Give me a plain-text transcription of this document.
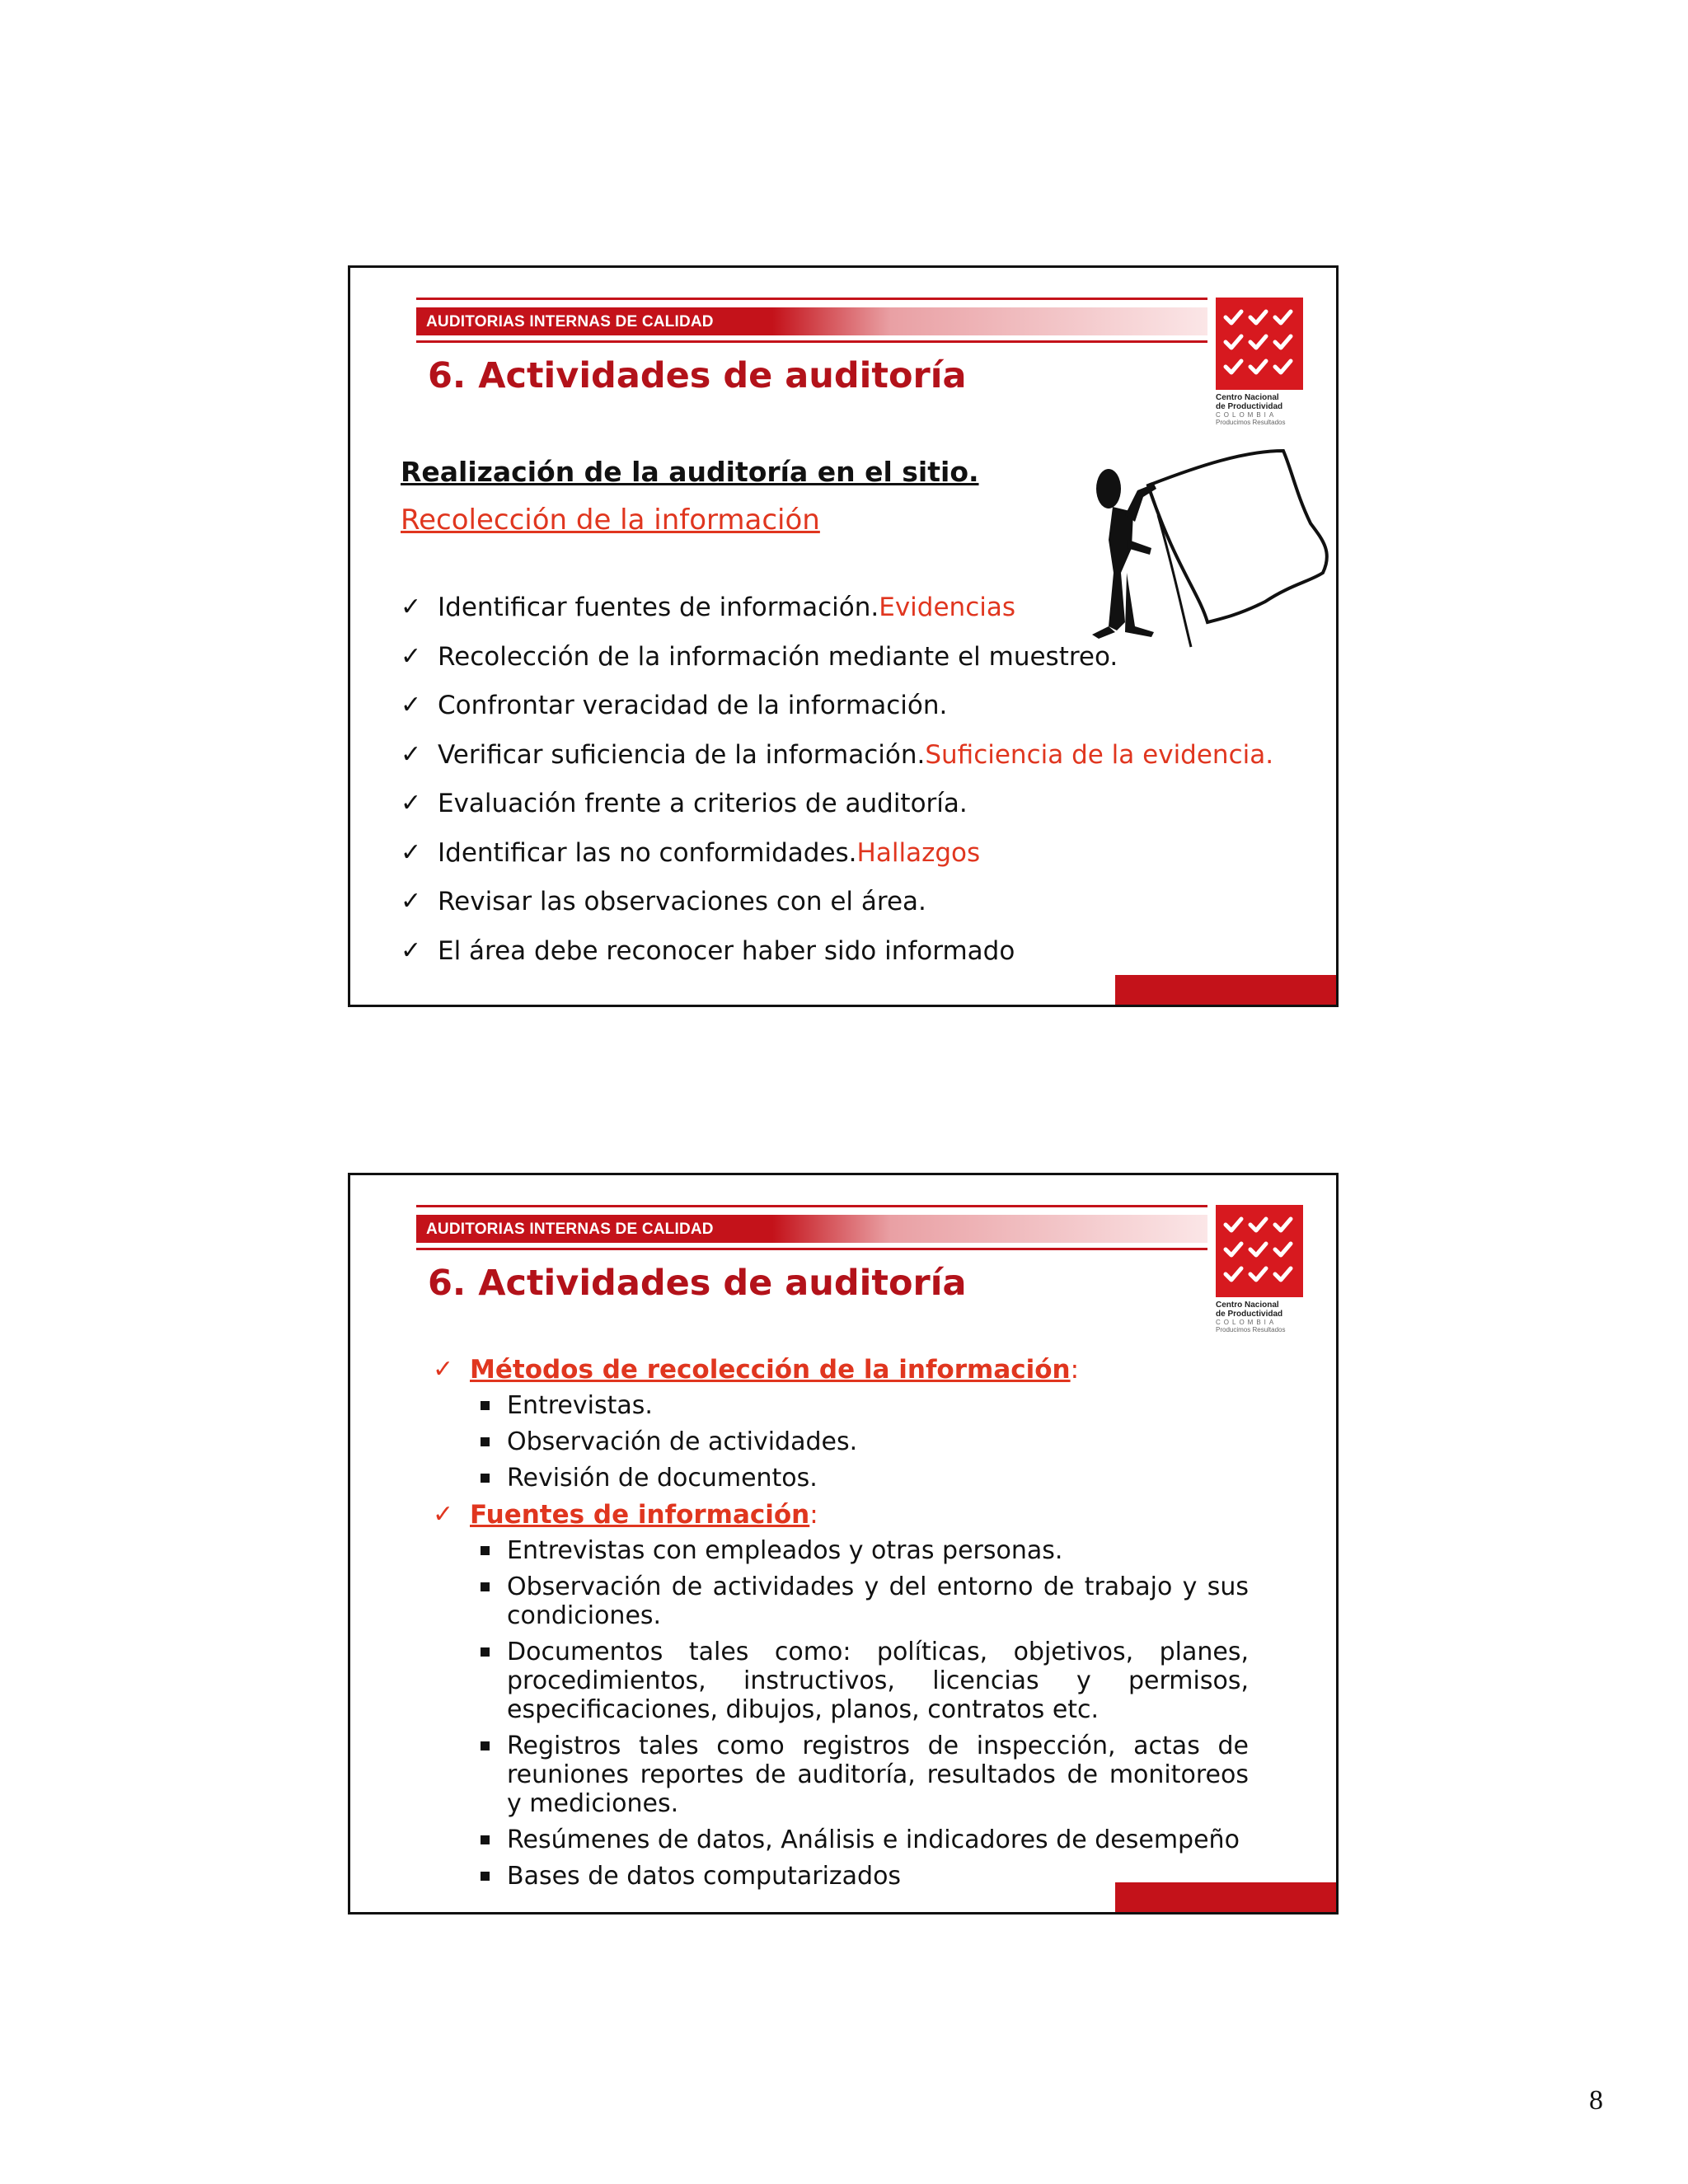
AUDITORIAS INTERNAS DE CALIDAD
6. Actividades de auditoría
Centro Nacional
de Productividad
COLOMBIA
Producimos Resultados
Realización de la auditoría en el sitio.
Recolección de la información
✓ Identificar fuentes de información. Evidencias
✓ Recolección de la información mediante el muestreo.
✓ Confrontar veracidad de la información.
✓ Verificar suficiencia de la información. Suficiencia de la evidencia.
✓ Evaluación frente a criterios de auditoría.
✓ Identificar las no conformidades. Hallazgos
✓ Revisar las observaciones con el área.
✓ El área debe reconocer haber sido informado
AUDITORIAS INTERNAS DE CALIDAD
6. Actividades de auditoría
Centro Nacional
de Productividad
COLOMBIA
Producimos Resultados
✓ Métodos de recolección de la información :
Entrevistas.
Observación de actividades.
Revisión de documentos.
✓ Fuentes de información :
Entrevistas con empleados y otras personas.
Observación de actividades y del entorno de trabajo y sus condiciones.
Documentos tales como: políticas, objetivos, planes, procedimientos, instructivos, licencias y permisos, especificaciones, dibujos, planos, contratos etc.
Registros tales como registros de inspección, actas de reuniones reportes de auditoría, resultados de monitoreos y mediciones.
Resúmenes de datos, Análisis e indicadores de desempeño
Bases de datos computarizados
8
